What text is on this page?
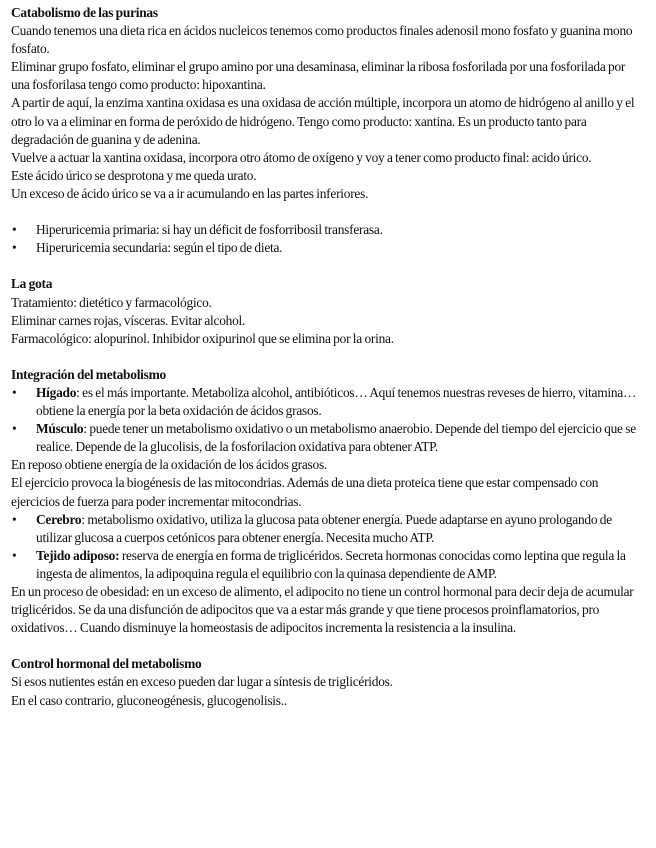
Catabolismo de las purinas

Cuando tenemos una dieta rica en ácidos nucleicos tenemos como productos finales adenosil mono fosfato y guanina mono fosfato.

Eliminar grupo fosfato, eliminar el grupo amino por una desaminasa, eliminar la ribosa fosforilada por una fosforilada por una fosforilasa tengo como producto: hipoxantina.

A partir de aquí, la enzima xantina oxidasa es una oxidasa de acción múltiple, incorpora un atomo de hidrógeno al anillo y el otro lo va a eliminar en forma de peróxido de hidrógeno. Tengo como producto: xantina. Es un producto tanto para degradación de guanina y de adenina.

Vuelve a actuar la xantina oxidasa, incorpora otro átomo de oxígeno y voy a tener como producto final: acido úrico.

Este ácido úrico se desprotona y me queda urato.

Un exceso de ácido úrico se va a ir acumulando en las partes inferiores.

• Hiperuricemia primaria: si hay un déficit de fosforribosil transferasa.
• Hiperuricemia secundaria: según el tipo de dieta.
La gota

Tratamiento: dietético y farmacológico.

Eliminar carnes rojas, vísceras. Evitar alcohol.

Farmacológico: alopurinol. Inhibidor oxipurinol que se elimina por la orina.

Integración del metabolismo
• Hígado: es el más importante. Metaboliza alcohol, antibióticos… Aquí tenemos nuestras reveses de hierro, vitamina… obtiene la energía por la beta oxidación de ácidos grasos.
• Músculo: puede tener un metabolismo oxidativo o un metabolismo anaerobio. Depende del tiempo del ejercicio que se realice. Depende de la glucolisis, de la fosforilacion oxidativa para obtener ATP.

En reposo obtiene energía de la oxidación de los ácidos grasos.

El ejercicio provoca la biogénesis de las mitocondrias. Además de una dieta proteica tiene que estar compensado con ejercicios de fuerza para poder incrementar mitocondrias.

• Cerebro: metabolismo oxidativo, utiliza la glucosa pata obtener energía. Puede adaptarse en ayuno prologando de utilizar glucosa a cuerpos cetónicos para obtener energía. Necesita mucho ATP.
• Tejido adiposo: reserva de energía en forma de triglicéridos. Secreta hormonas conocidas como leptina que regula la ingesta de alimentos, la adipoquina regula el equilibrio con la quinasa dependiente de AMP.

En un proceso de obesidad: en un exceso de alimento, el adipocito no tiene un control hormonal para decir deja de acumular triglicéridos. Se da una disfunción de adipocitos que va a estar más grande y que tiene procesos proinflamatorios, pro oxidativos… Cuando disminuye la homeostasis de adipocitos incrementa la resistencia a la insulina.

Control hormonal del metabolismo

Si esos nutientes están en exceso pueden dar lugar a síntesis de triglicéridos.

En el caso contrario, gluconeogénesis, glucogenolisis..
